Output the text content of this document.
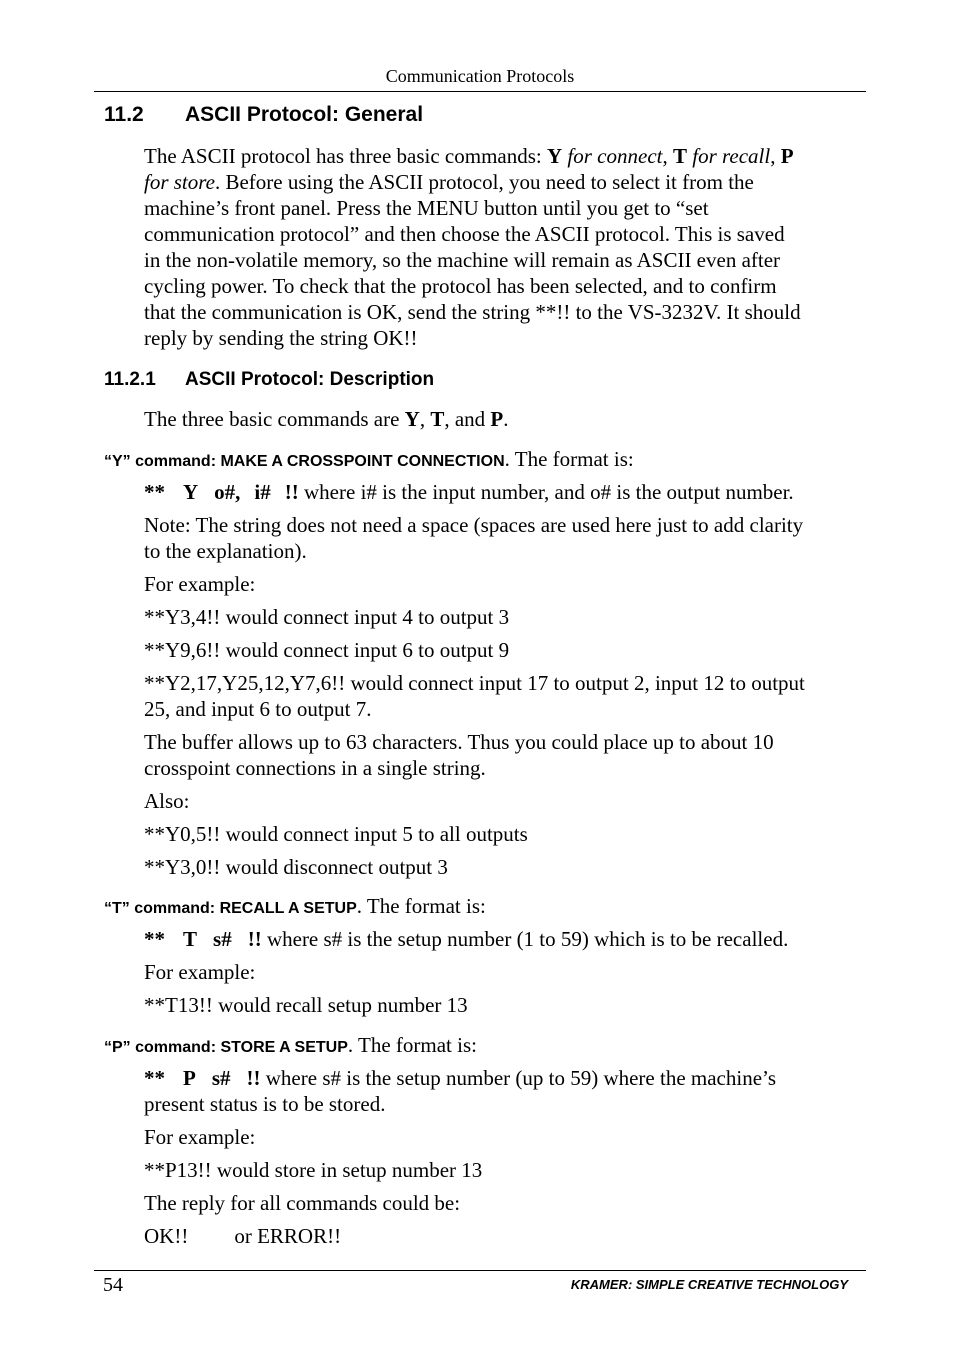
Communication Protocols
11.2 ASCII Protocol: General
The ASCII protocol has three basic commands: Y for connect, T for recall, P
for store. Before using the ASCII protocol, you need to select it from the
machine’s front panel. Press the MENU button until you get to “set
communication protocol” and then choose the ASCII protocol. This is saved
in the non-volatile memory, so the machine will remain as ASCII even after
cycling power. To check that the protocol has been selected, and to confirm
that the communication is OK, send the string **!! to the VS-3232V. It should
reply by sending the string OK!!
11.2.1 ASCII Protocol: Description
The three basic commands are Y, T, and P.
“Y” command: MAKE A CROSSPOINT CONNECTION. The format is:
** Y o#, i# !! where i# is the input number, and o# is the output number.
Note: The string does not need a space (spaces are used here just to add clarity
to the explanation).
For example:
**Y3,4!! would connect input 4 to output 3
**Y9,6!! would connect input 6 to output 9
**Y2,17,Y25,12,Y7,6!! would connect input 17 to output 2, input 12 to output
25, and input 6 to output 7.
The buffer allows up to 63 characters. Thus you could place up to about 10
crosspoint connections in a single string.
Also:
**Y0,5!! would connect input 5 to all outputs
**Y3,0!! would disconnect output 3
“T” command: RECALL A SETUP. The format is:
** T s# !! where s# is the setup number (1 to 59) which is to be recalled.
For example:
**T13!! would recall setup number 13
“P” command: STORE A SETUP. The format is:
** P s# !! where s# is the setup number (up to 59) where the machine’s
present status is to be stored.
For example:
**P13!! would store in setup number 13
The reply for all commands could be:
OK!! or ERROR!!
54	KRAMER: SIMPLE CREATIVE TECHNOLOGY
